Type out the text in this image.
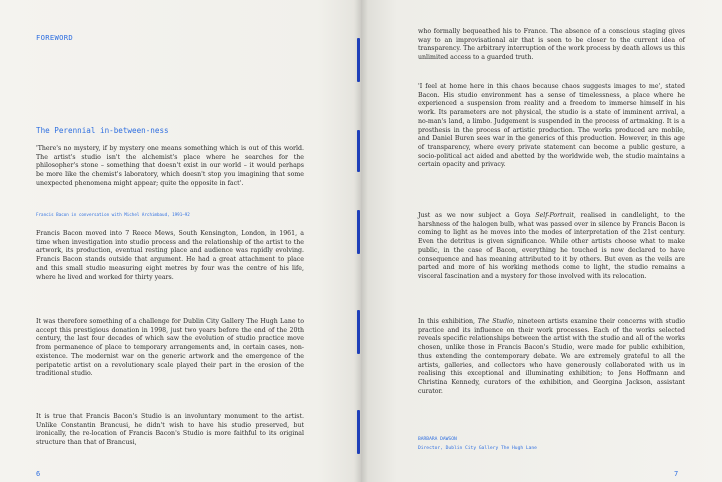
FOREWORD
The Perennial in-between-ness

'There's no mystery, if by mystery one means something which is out of this world. The artist's studio isn't the alchemist's place where he searches for the philosopher's stone – something that doesn't exist in our world – it would perhaps be more like the chemist's laboratory, which doesn't stop you imagining that some unexpected phenomena might appear; quite the opposite in fact'.

Francis Bacon in conversation with Michel Archimbaud, 1991–92

Francis Bacon moved into 7 Reece Mews, South Kensington, London, in 1961, a time when investigation into studio process and the relationship of the artist to the artwork, its production, eventual resting place and audience was rapidly evolving. Francis Bacon stands outside that argument. He had a great attachment to place and this small studio measuring eight metres by four was the centre of his life, where he lived and worked for thirty years.

It was therefore something of a challenge for Dublin City Gallery The Hugh Lane to accept this prestigious donation in 1998, just two years before the end of the 20th century, the last four decades of which saw the evolution of studio practice move from permanence of place to temporary arrangements and, in certain cases, non-existence. The modernist war on the generic artwork and the emergence of the peripatetic artist on a revolutionary scale played their part in the erosion of the traditional studio.

It is true that Francis Bacon's Studio is an involuntary monument to the artist. Unlike Constantin Brancusi, he didn't wish to have his studio preserved, but ironically, the re-location of Francis Bacon's Studio is more faithful to its original structure than that of Brancusi,

6

who formally bequeathed his to France. The absence of a conscious staging gives way to an improvisational air that is seen to be closer to the current idea of transparency. The arbitrary interruption of the work process by death allows us this unlimited access to a guarded truth.

'I feel at home here in this chaos because chaos suggests images to me', stated Bacon. His studio environment has a sense of timelessness, a place where he experienced a suspension from reality and a freedom to immerse himself in his work. Its parameters are not physical, the studio is a state of imminent arrival, a no-man's land, a limbo. Judgement is suspended in the process of artmaking. It is a prosthesis in the process of artistic production. The works produced are mobile, and Daniel Buren sees war in the generics of this production. However, in this age of transparency, where every private statement can become a public gesture, a socio-political act aided and abetted by the worldwide web, the studio maintains a certain opacity and privacy.

Just as we now subject a Goya Self-Portrait, realised in candlelight, to the harshness of the halogen bulb, what was passed over in silence by Francis Bacon is coming to light as he moves into the modes of interpretation of the 21st century. Even the detritus is given significance. While other artists choose what to make public, in the case of Bacon, everything he touched is now declared to have consequence and has meaning attributed to it by others. But even as the veils are parted and more of his working methods come to light, the studio remains a visceral fascination and a mystery for those involved with its relocation.

In this exhibition, The Studio, nineteen artists examine their concerns with studio practice and its influence on their work processes. Each of the works selected reveals specific relationships between the artist with the studio and all of the works chosen, unlike those in Francis Bacon's Studio, were made for public exhibition, thus extending the contemporary debate. We are extremely grateful to all the artists, galleries, and collectors who have generously collaborated with us in realising this exceptional and illuminating exhibition; to Jens Hoffmann and Christina Kennedy, curators of the exhibition, and Georgina Jackson, assistant curator.

BARBARA DAWSON
Director, Dublin City Gallery The Hugh Lane
7
